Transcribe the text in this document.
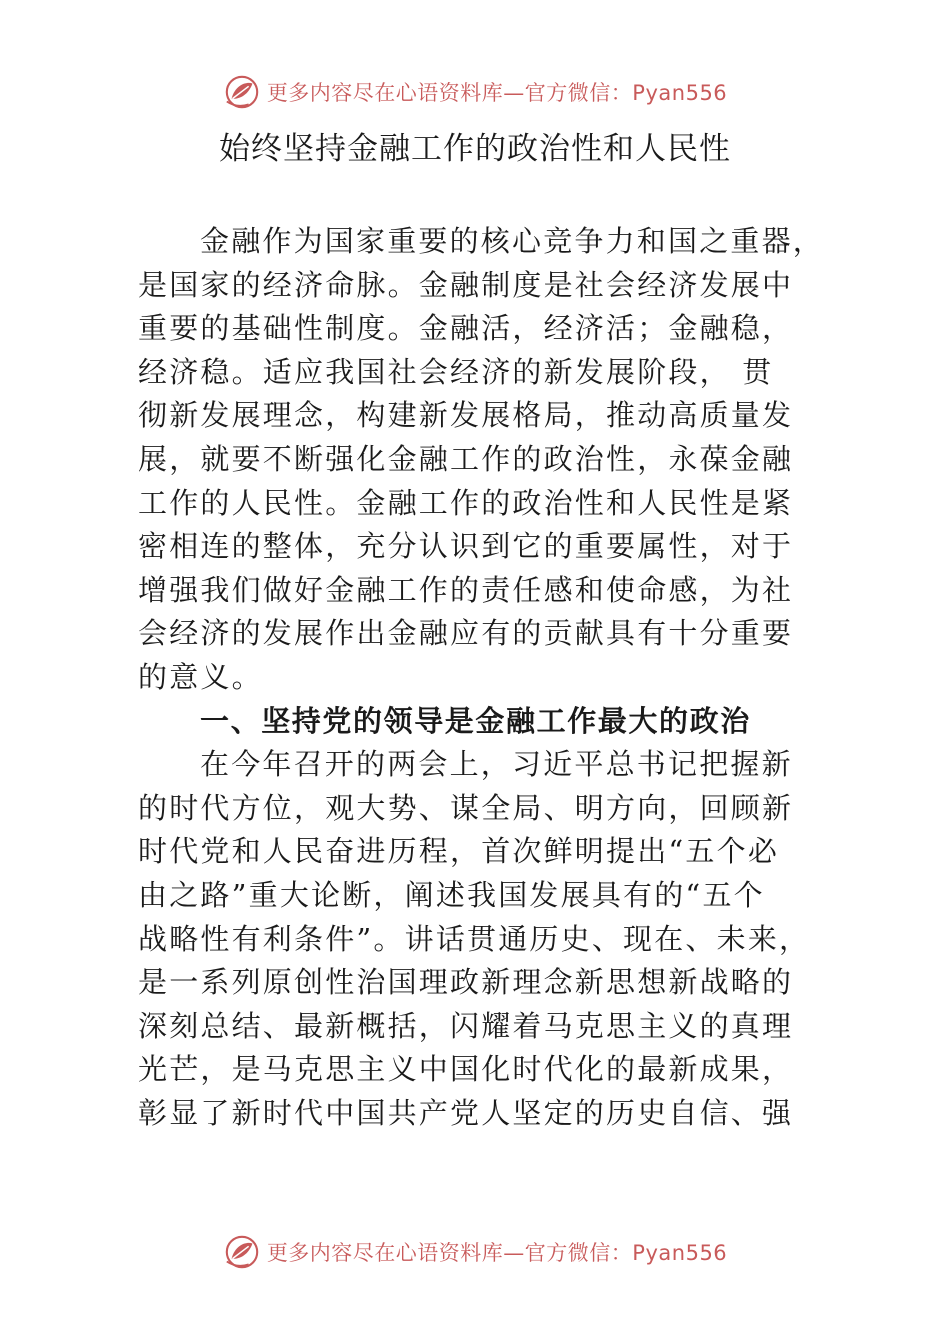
更多内容尽在心语资料库—官方微信：Pyan556
始终坚持金融工作的政治性和人民性
金融作为国家重要的核心竞争力和国之重器，
是国家的经济命脉。金融制度是社会经济发展中
重要的基础性制度。金融活，经济活；金融稳，
经济稳。适应我国社会经济的新发展阶段， 贯
彻新发展理念，构建新发展格局，推动高质量发
展，就要不断强化金融工作的政治性，永葆金融
工作的人民性。金融工作的政治性和人民性是紧
密相连的整体，充分认识到它的重要属性，对于
增强我们做好金融工作的责任感和使命感，为社
会经济的发展作出金融应有的贡献具有十分重要
的意义。
一、坚持党的领导是金融工作最大的政治
在今年召开的两会上，习近平总书记把握新
的时代方位，观大势、谋全局、明方向，回顾新
时代党和人民奋进历程，首次鲜明提出“五个必
由之路”重大论断，阐述我国发展具有的“五个
战略性有利条件”。讲话贯通历史、现在、未来，
是一系列原创性治国理政新理念新思想新战略的
深刻总结、最新概括，闪耀着马克思主义的真理
光芒，是马克思主义中国化时代化的最新成果，
彰显了新时代中国共产党人坚定的历史自信、强
更多内容尽在心语资料库—官方微信：Pyan556
